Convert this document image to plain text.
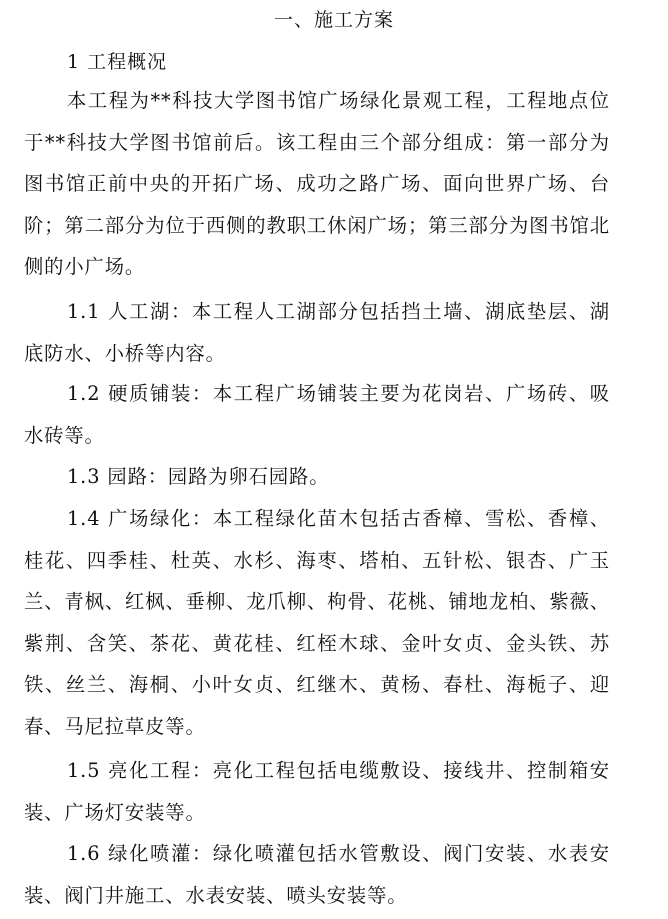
一、施工方案
1 工程概况

本工程为**科技大学图书馆广场绿化景观工程，工程地点位于**科技大学图书馆前后。该工程由三个部分组成：第一部分为图书馆正前中央的开拓广场、成功之路广场、面向世界广场、台阶；第二部分为位于西侧的教职工休闲广场；第三部分为图书馆北侧的小广场。

1.1 人工湖：本工程人工湖部分包括挡土墙、湖底垫层、湖底防水、小桥等内容。

1.2 硬质铺装：本工程广场铺装主要为花岗岩、广场砖、吸水砖等。

1.3 园路：园路为卵石园路。

1.4 广场绿化：本工程绿化苗木包括古香樟、雪松、香樟、桂花、四季桂、杜英、水杉、海枣、塔柏、五针松、银杏、广玉兰、青枫、红枫、垂柳、龙爪柳、枸骨、花桃、铺地龙柏、紫薇、紫荆、含笑、茶花、黄花桂、红桎木球、金叶女贞、金头铁、苏铁、丝兰、海桐、小叶女贞、红继木、黄杨、春杜、海栀子、迎春、马尼拉草皮等。

1.5 亮化工程：亮化工程包括电缆敷设、接线井、控制箱安装、广场灯安装等。

1.6 绿化喷灌：绿化喷灌包括水管敷设、阀门安装、水表安装、阀门井施工、水表安装、喷头安装等。
